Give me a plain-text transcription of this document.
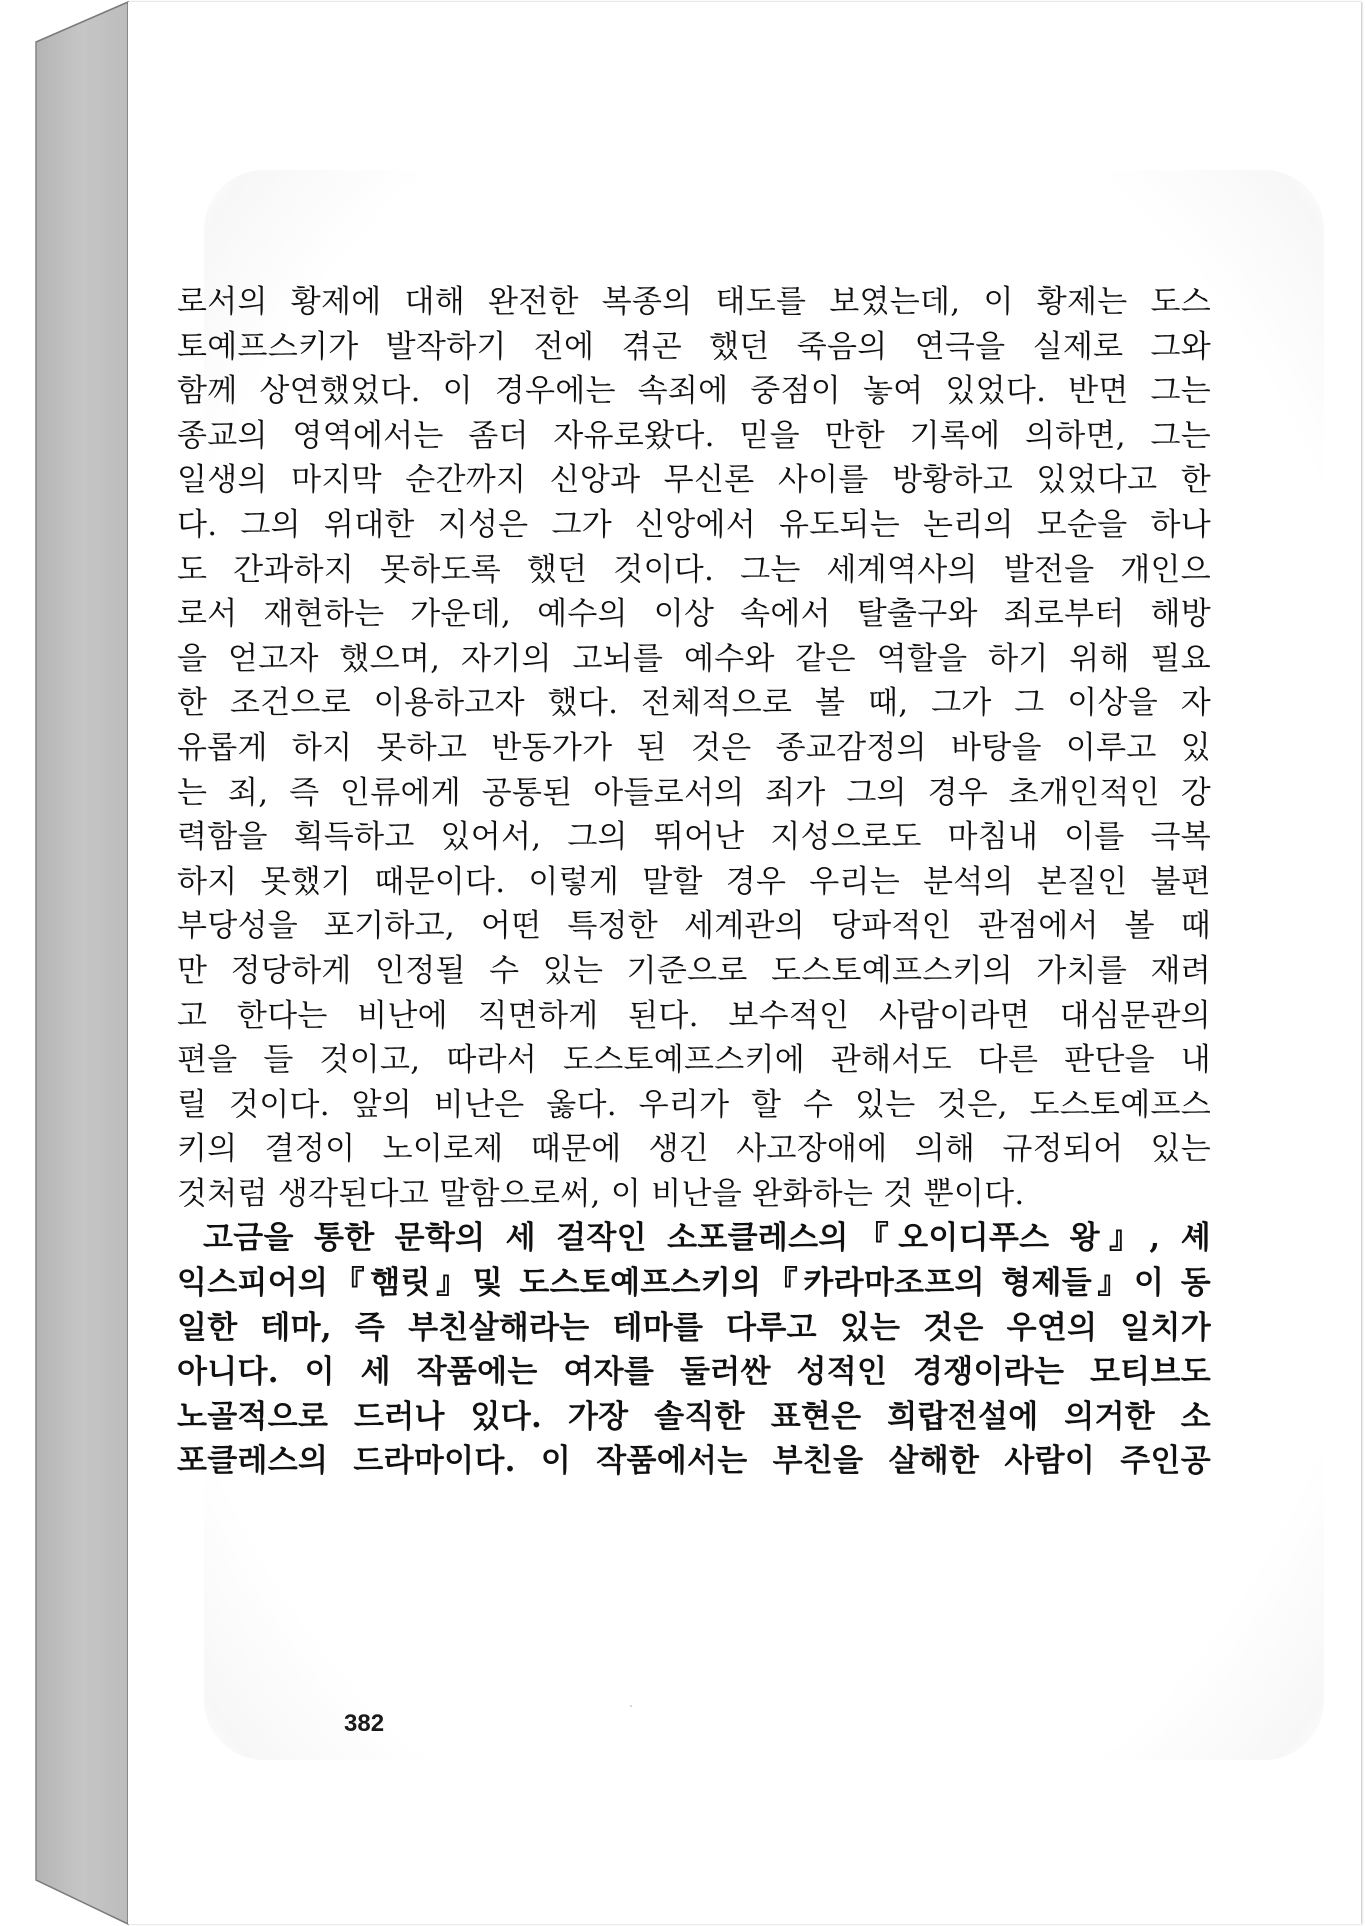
로서의 황제에 대해 완전한 복종의 태도를 보였는데, 이 황제는 도스
토예프스키가 발작하기 전에 겪곤 했던 죽음의 연극을 실제로 그와
함께 상연했었다. 이 경우에는 속죄에 중점이 놓여 있었다. 반면 그는
종교의 영역에서는 좀더 자유로왔다. 믿을 만한 기록에 의하면, 그는
일생의 마지막 순간까지 신앙과 무신론 사이를 방황하고 있었다고 한
다. 그의 위대한 지성은 그가 신앙에서 유도되는 논리의 모순을 하나
도 간과하지 못하도록 했던 것이다. 그는 세계역사의 발전을 개인으
로서 재현하는 가운데, 예수의 이상 속에서 탈출구와 죄로부터 해방
을 얻고자 했으며, 자기의 고뇌를 예수와 같은 역할을 하기 위해 필요
한 조건으로 이용하고자 했다. 전체적으로 볼 때, 그가 그 이상을 자
유롭게 하지 못하고 반동가가 된 것은 종교감정의 바탕을 이루고 있
는 죄, 즉 인류에게 공통된 아들로서의 죄가 그의 경우 초개인적인 강
력함을 획득하고 있어서, 그의 뛰어난 지성으로도 마침내 이를 극복
하지 못했기 때문이다. 이렇게 말할 경우 우리는 분석의 본질인 불편
부당성을 포기하고, 어떤 특정한 세계관의 당파적인 관점에서 볼 때
만 정당하게 인정될 수 있는 기준으로 도스토예프스키의 가치를 재려
고 한다는 비난에 직면하게 된다. 보수적인 사람이라면 대심문관의
편을 들 것이고, 따라서 도스토예프스키에 관해서도 다른 판단을 내
릴 것이다. 앞의 비난은 옳다. 우리가 할 수 있는 것은, 도스토예프스
키의 결정이 노이로제 때문에 생긴 사고장애에 의해 규정되어 있는
것처럼 생각된다고 말함으로써, 이 비난을 완화하는 것 뿐이다.
고금을 통한 문학의 세 걸작인 소포클레스의『오이디푸스 왕』, 셰
익스피어의『햄릿』및 도스토예프스키의『카라마조프의 형제들』이 동
일한 테마, 즉 부친살해라는 테마를 다루고 있는 것은 우연의 일치가
아니다. 이 세 작품에는 여자를 둘러싼 성적인 경쟁이라는 모티브도
노골적으로 드러나 있다. 가장 솔직한 표현은 희랍전설에 의거한 소
포클레스의 드라마이다. 이 작품에서는 부친을 살해한 사람이 주인공
382
